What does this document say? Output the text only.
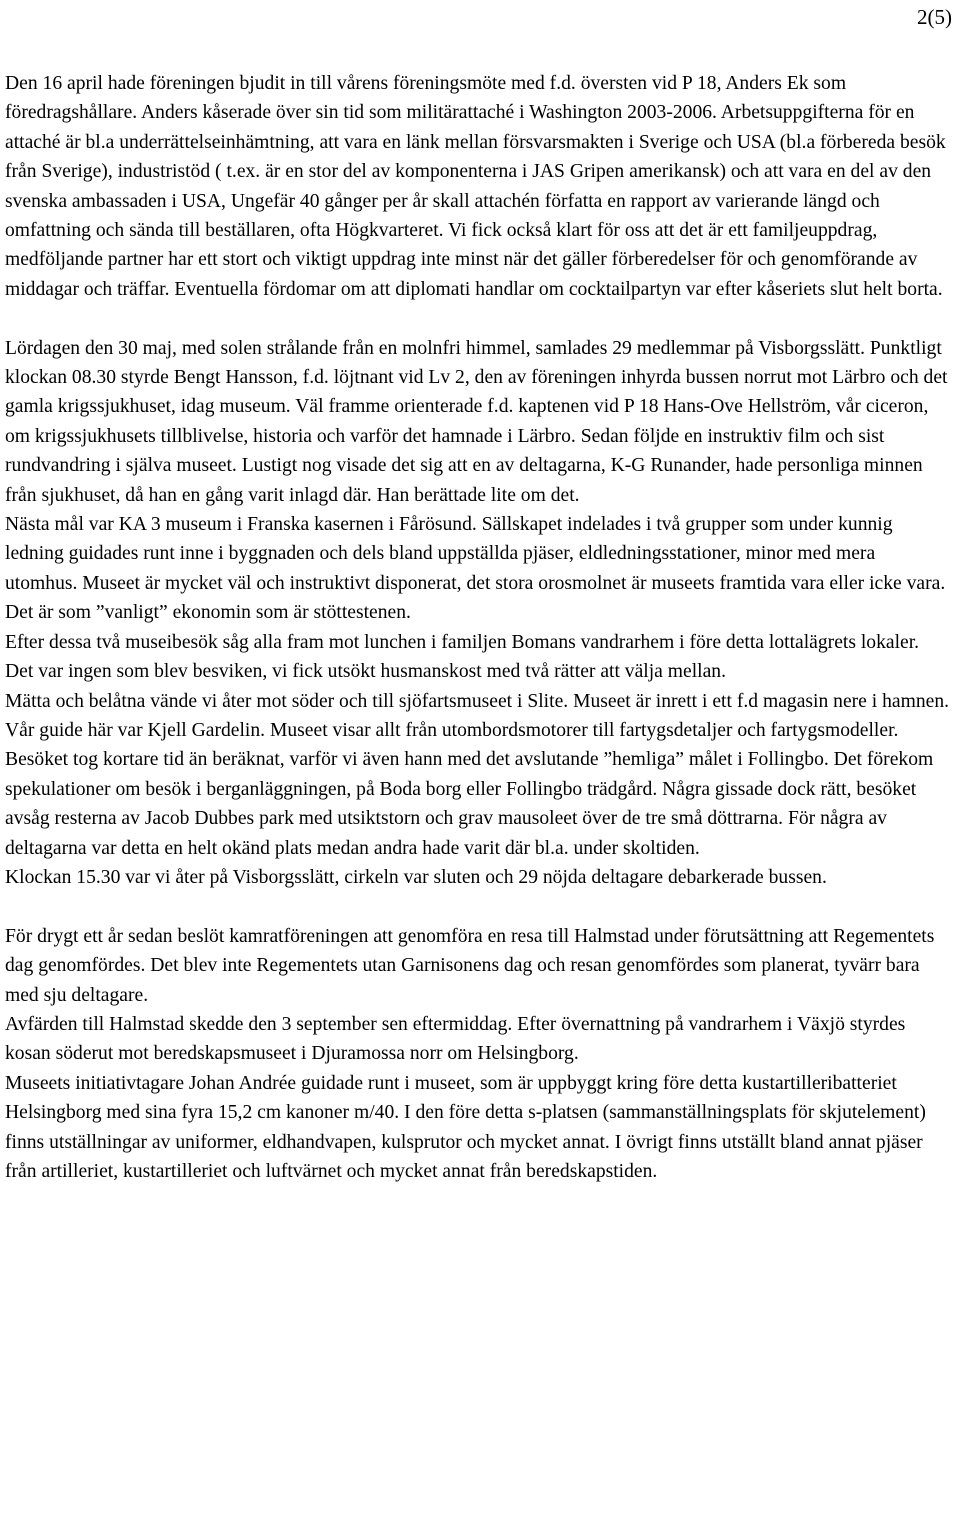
2(5)

Den 16 april hade föreningen bjudit in till vårens föreningsmöte med f.d. översten vid P 18, Anders Ek som föredragshållare. Anders kåserade över sin tid som militärattaché i Washington 2003-2006. Arbetsuppgifterna för en attaché är bl.a underrättelseinhämtning, att vara en länk mellan försvarsmakten i Sverige och USA (bl.a förbereda besök från Sverige), industristöd ( t.ex. är en stor del av komponenterna i JAS Gripen amerikansk) och att vara en del av den svenska ambassaden i USA, Ungefär 40 gånger per år skall attachén författa en rapport av varierande längd och omfattning och sända till beställaren, ofta Högkvarteret. Vi fick också klart för oss att det är ett familjeuppdrag, medföljande partner har ett stort och viktigt uppdrag inte minst när det gäller förberedelser för och genomförande av middagar och träffar. Eventuella fördomar om att diplomati handlar om cocktailpartyn var efter kåseriets slut helt borta.

Lördagen den 30 maj, med solen strålande från en molnfri himmel, samlades 29 medlemmar på Visborgsslätt. Punktligt klockan 08.30 styrde Bengt Hansson, f.d. löjtnant vid Lv 2, den av föreningen inhyrda bussen norrut mot Lärbro och det gamla krigssjukhuset, idag museum. Väl framme orienterade f.d. kaptenen vid P 18 Hans-Ove Hellström, vår ciceron, om krigssjukhusets tillblivelse, historia och varför det hamnade i Lärbro. Sedan följde en instruktiv film och sist rundvandring i själva museet. Lustigt nog visade det sig att en av deltagarna, K-G Runander, hade personliga minnen från sjukhuset, då han en gång varit inlagd där. Han berättade lite om det.

Nästa mål var KA 3 museum i Franska kasernen i Fårösund. Sällskapet indelades i två grupper som under kunnig ledning guidades runt inne i byggnaden och dels bland uppställda pjäser, eldledningsstationer, minor med mera utomhus. Museet är mycket väl och instruktivt disponerat, det stora orosmolnet är museets framtida vara eller icke vara. Det är som ”vanligt” ekonomin som är stöttestenen.

Efter dessa två museibesök såg alla fram mot lunchen i familjen Bomans vandrarhem i före detta lottalägrets lokaler. Det var ingen som blev besviken, vi fick utsökt husmanskost med två rätter att välja mellan.

Mätta och belåtna vände vi åter mot söder och till sjöfartsmuseet i Slite. Museet är inrett i ett f.d magasin nere i hamnen. Vår guide här var Kjell Gardelin. Museet visar allt från utombordsmotorer till fartygsdetaljer och fartygsmodeller.

Besöket tog kortare tid än beräknat, varför vi även hann med det avslutande ”hemliga” målet i Follingbo. Det förekom spekulationer om besök i berganläggningen, på Boda borg eller Follingbo trädgård. Några gissade dock rätt, besöket avsåg resterna av Jacob Dubbes park med utsiktstorn och grav mausoleet över de tre små döttrarna. För några av deltagarna var detta en helt okänd plats medan andra hade varit där bl.a. under skoltiden.

Klockan 15.30 var vi åter på Visborgsslätt, cirkeln var sluten och 29 nöjda deltagare debarkerade bussen.

För drygt ett år sedan beslöt kamratföreningen att genomföra en resa till Halmstad under förutsättning att Regementets dag genomfördes. Det blev inte Regementets utan Garnisonens dag och resan genomfördes som planerat, tyvärr bara med sju deltagare.

Avfärden till Halmstad skedde den 3 september sen eftermiddag. Efter övernattning på vandrarhem i Växjö styrdes kosan söderut mot beredskapsmuseet i Djuramossa norr om Helsingborg.

Museets initiativtagare Johan Andrée guidade runt i museet, som är uppbyggt kring före detta kustartilleribatteriet Helsingborg med sina fyra 15,2 cm kanoner m/40. I den före detta s-platsen (sammanställningsplats för skjutelement) finns utställningar av uniformer, eldhandvapen, kulsprutor och mycket annat. I övrigt finns utställt bland annat pjäser från artilleriet, kustartilleriet och luftvärnet och mycket annat från beredskapstiden.
